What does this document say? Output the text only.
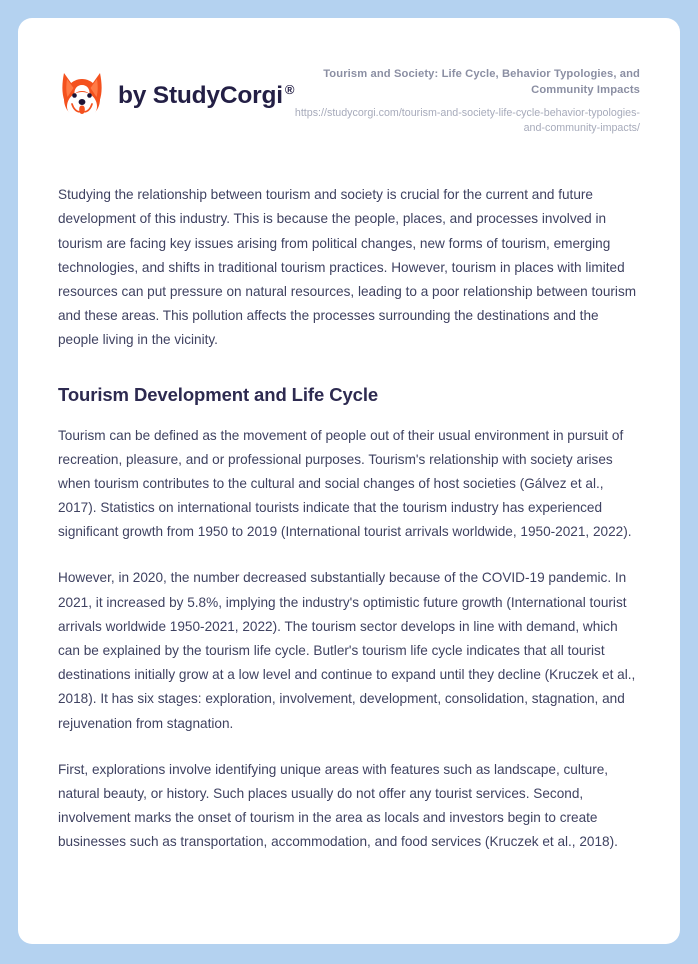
by StudyCorgi ®
Tourism and Society: Life Cycle, Behavior Typologies, and Community Impacts
https://studycorgi.com/tourism-and-society-life-cycle-behavior-typologies-and-community-impacts/

Studying the relationship between tourism and society is crucial for the current and future development of this industry. This is because the people, places, and processes involved in tourism are facing key issues arising from political changes, new forms of tourism, emerging technologies, and shifts in traditional tourism practices. However, tourism in places with limited resources can put pressure on natural resources, leading to a poor relationship between tourism and these areas. This pollution affects the processes surrounding the destinations and the people living in the vicinity.

Tourism Development and Life Cycle

Tourism can be defined as the movement of people out of their usual environment in pursuit of recreation, pleasure, and or professional purposes. Tourism's relationship with society arises when tourism contributes to the cultural and social changes of host societies (Gálvez et al., 2017). Statistics on international tourists indicate that the tourism industry has experienced significant growth from 1950 to 2019 (International tourist arrivals worldwide, 1950-2021, 2022).

However, in 2020, the number decreased substantially because of the COVID-19 pandemic. In 2021, it increased by 5.8%, implying the industry's optimistic future growth (International tourist arrivals worldwide 1950-2021, 2022). The tourism sector develops in line with demand, which can be explained by the tourism life cycle. Butler's tourism life cycle indicates that all tourist destinations initially grow at a low level and continue to expand until they decline (Kruczek et al., 2018). It has six stages: exploration, involvement, development, consolidation, stagnation, and rejuvenation from stagnation.

First, explorations involve identifying unique areas with features such as landscape, culture, natural beauty, or history. Such places usually do not offer any tourist services. Second, involvement marks the onset of tourism in the area as locals and investors begin to create businesses such as transportation, accommodation, and food services (Kruczek et al., 2018).
